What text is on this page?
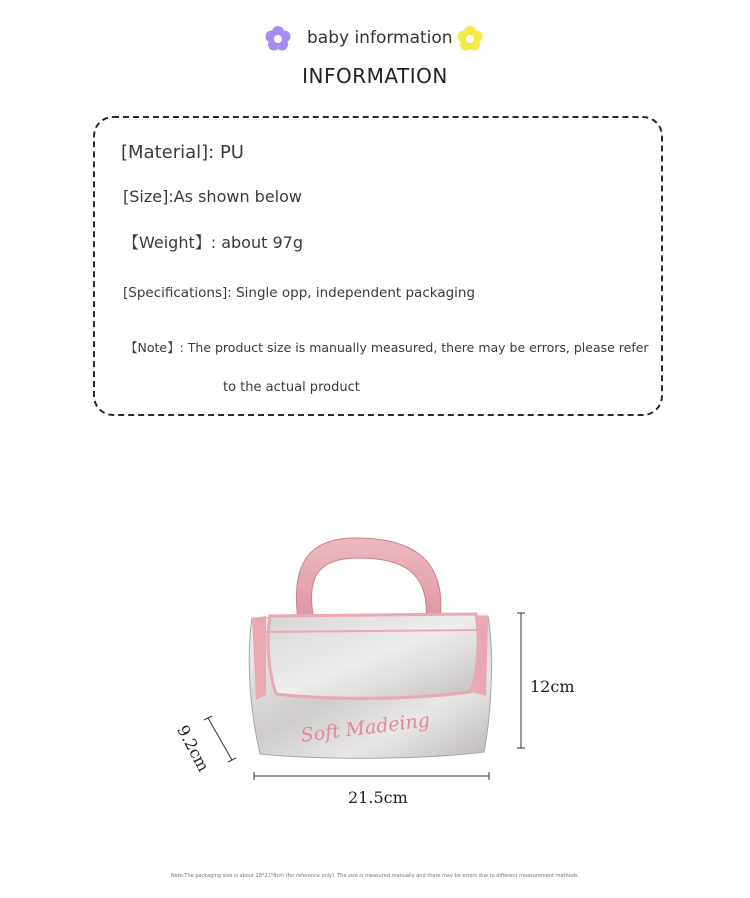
baby information
INFORMATION
[Material]: PU
[Size]:As shown below
【Weight】: about 97g
[Specifications]: Single opp, independent packaging
【Note】: The product size is manually measured, there may be errors, please refer
to the actual product
Soft Madeing
12cm
21.5cm
9.2cm
Note:The packaging size is about 28*21*8cm (for reference only). The size is measured manually and there may be errors due to different measurement methods.
